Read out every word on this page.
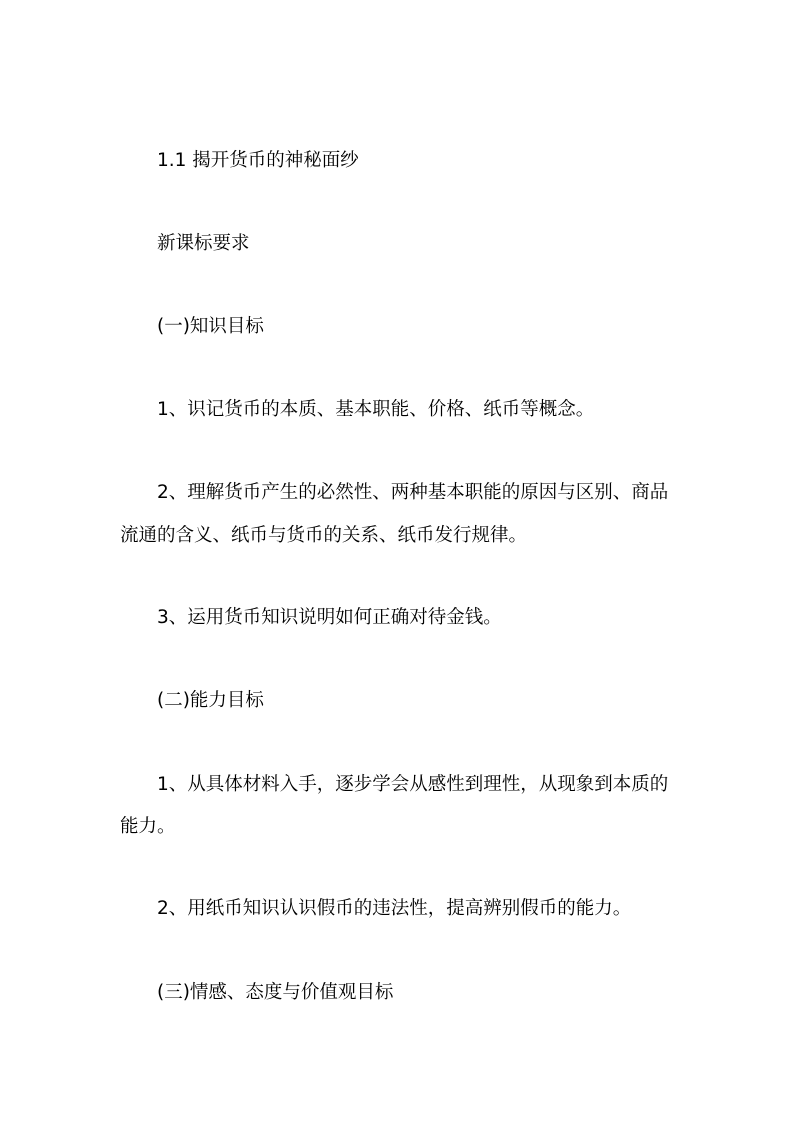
1.1 揭开货币的神秘面纱
新课标要求
(一)知识目标
1、识记货币的本质、基本职能、价格、纸币等概念。
2、理解货币产生的必然性、两种基本职能的原因与区别、商品
流通的含义、纸币与货币的关系、纸币发行规律。
3、运用货币知识说明如何正确对待金钱。
(二)能力目标
1、从具体材料入手，逐步学会从感性到理性，从现象到本质的
能力。
2、用纸币知识认识假币的违法性，提高辨别假币的能力。
(三)情感、态度与价值观目标
